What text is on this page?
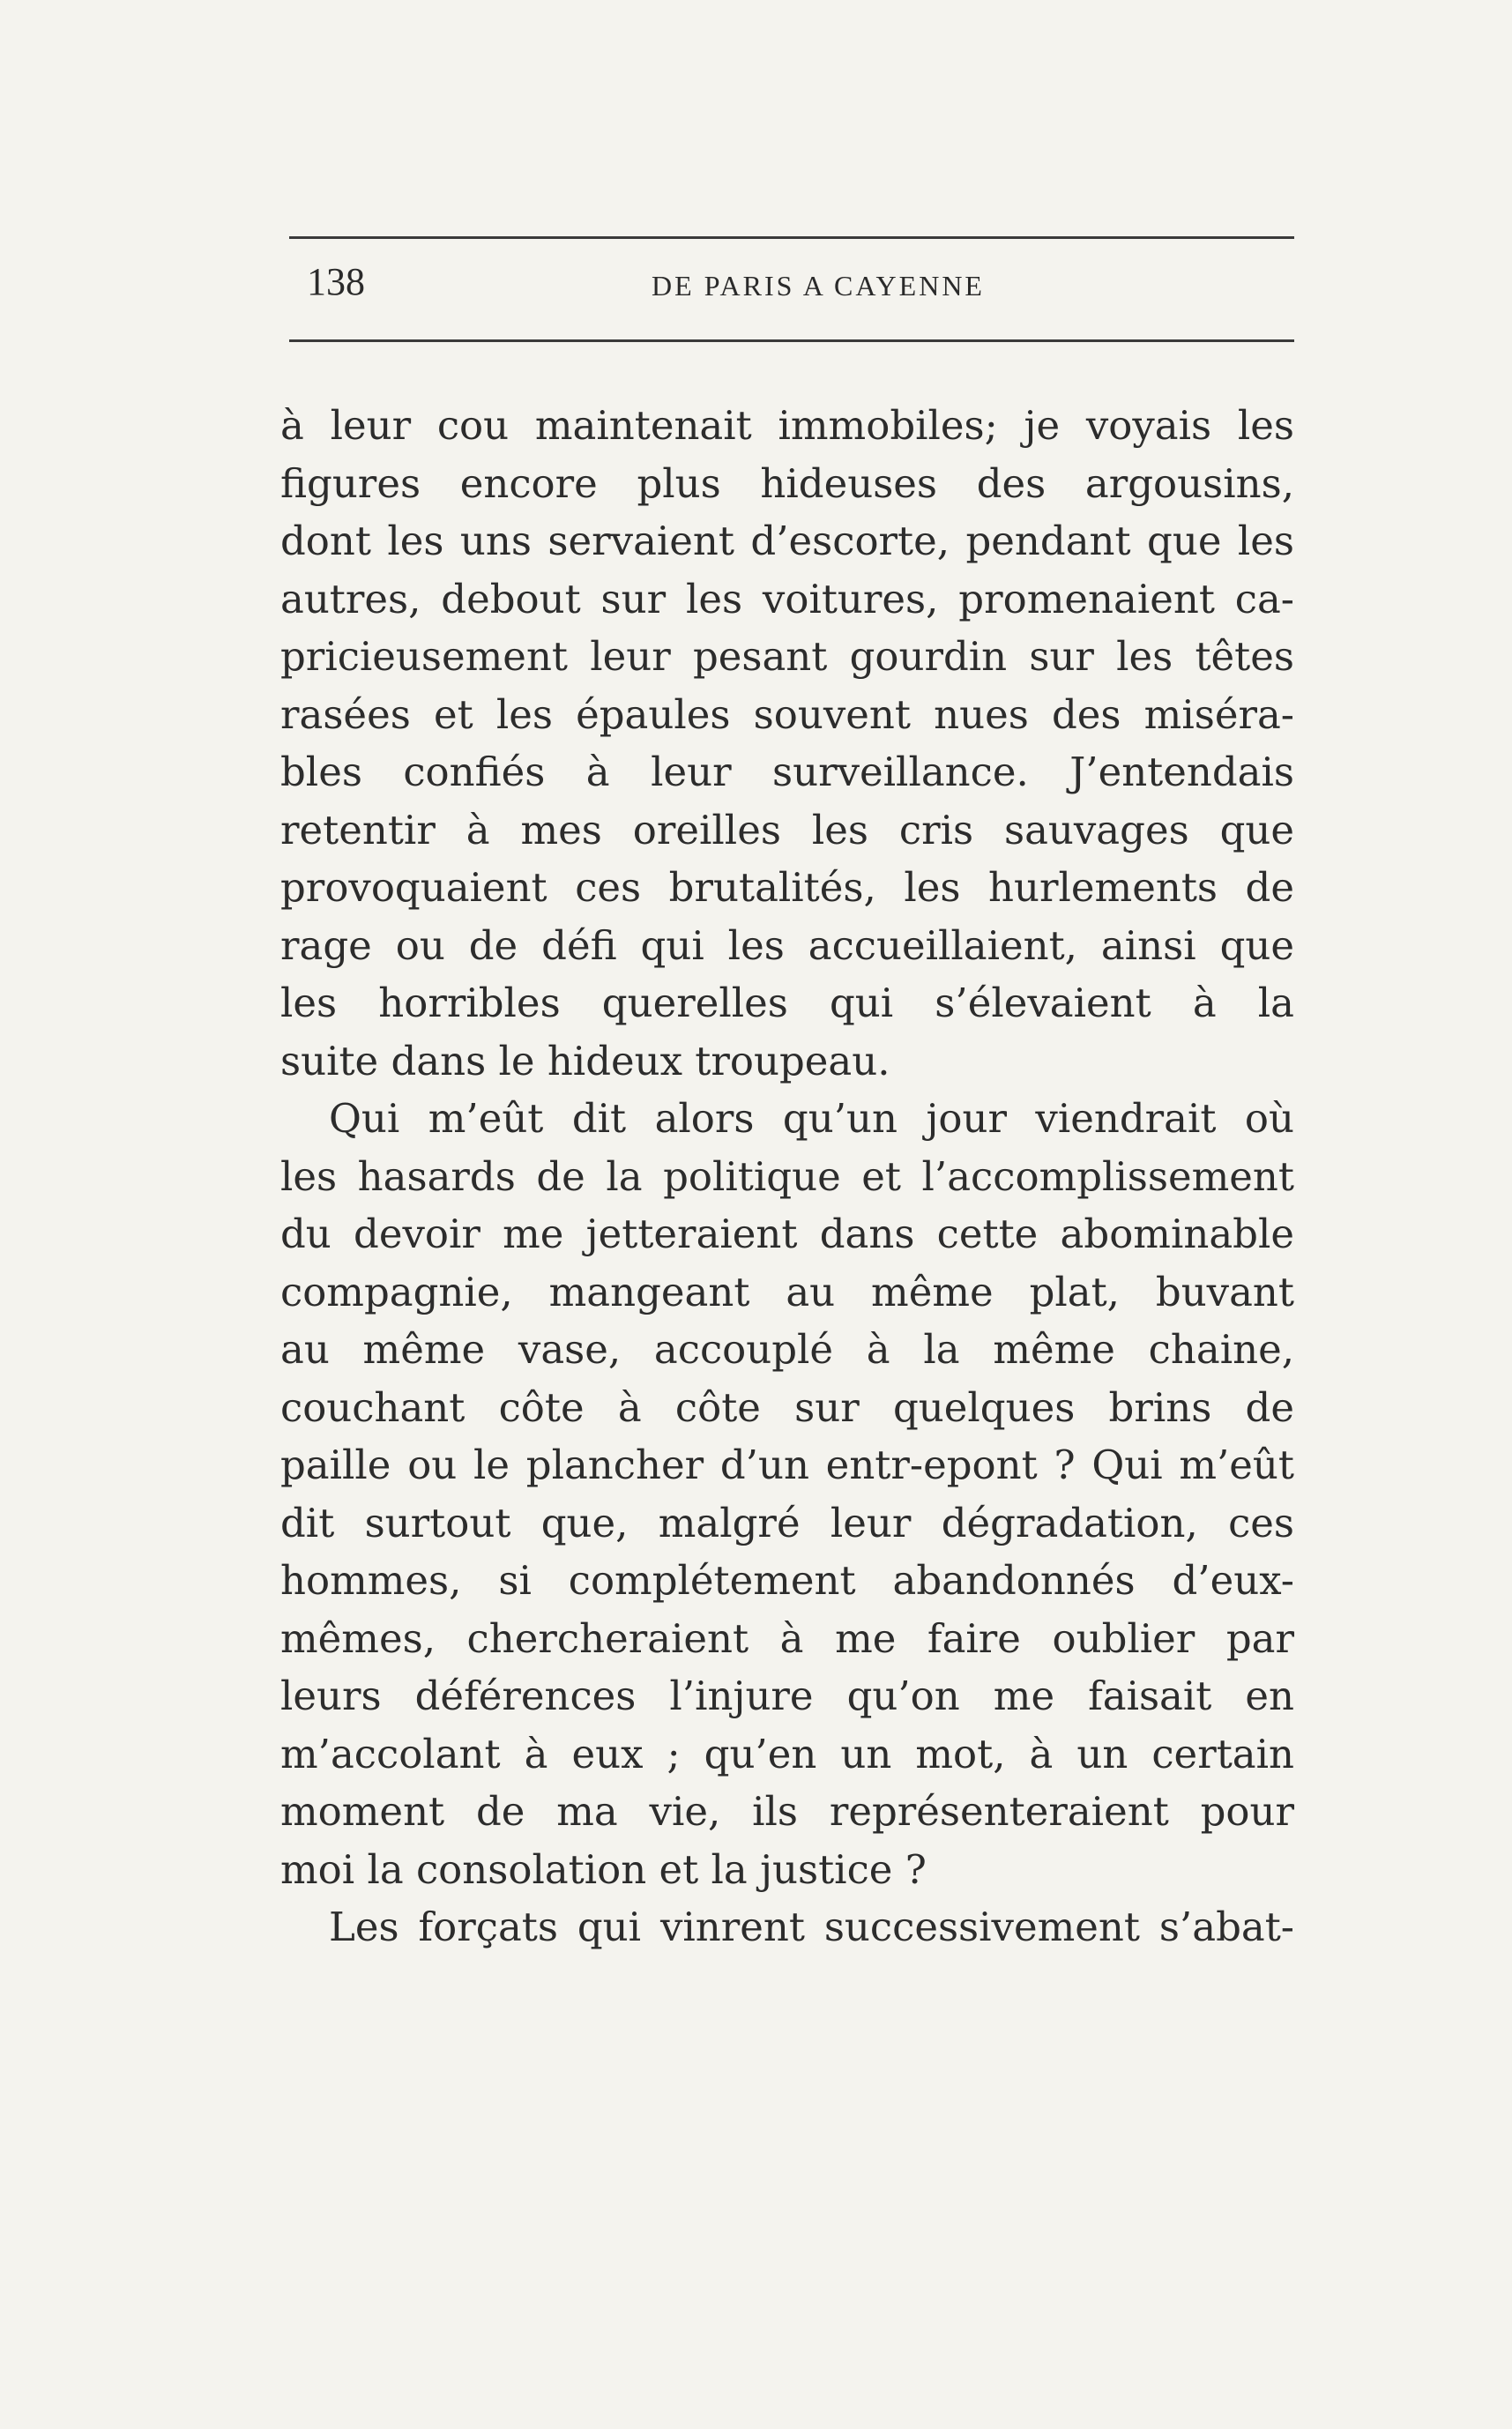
138	DE PARIS A CAYENNE
à leur cou maintenait immobiles; je voyais les
figures encore plus hideuses des argousins,
dont les uns servaient d’escorte, pendant que les
autres, debout sur les voitures, promenaient ca-
pricieusement leur pesant gourdin sur les têtes
rasées et les épaules souvent nues des miséra-
bles confiés à leur surveillance. J’entendais
retentir à mes oreilles les cris sauvages que
provoquaient ces brutalités, les hurlements de
rage ou de défi qui les accueillaient, ainsi que
les horribles querelles qui s’élevaient à la
suite dans le hideux troupeau.
Qui m’eût dit alors qu’un jour viendrait où
les hasards de la politique et l’accomplissement
du devoir me jetteraient dans cette abominable
compagnie, mangeant au même plat, buvant
au même vase, accouplé à la même chaine,
couchant côte à côte sur quelques brins de
paille ou le plancher d’un entr-epont ? Qui m’eût
dit surtout que, malgré leur dégradation, ces
hommes, si complétement abandonnés d’eux-
mêmes, chercheraient à me faire oublier par
leurs déférences l’injure qu’on me faisait en
m’accolant à eux ; qu’en un mot, à un certain
moment de ma vie, ils représenteraient pour
moi la consolation et la justice ?
Les forçats qui vinrent successivement s’abat-
